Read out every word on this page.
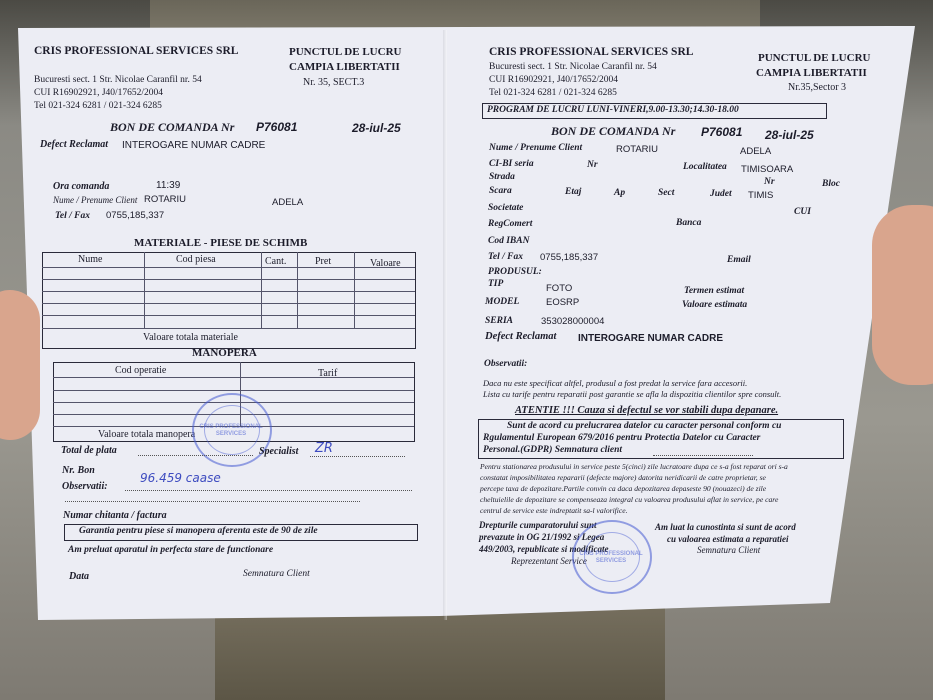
CRIS PROFESSIONAL SERVICES SRL	PUNCTUL DE LUCRU
CAMPIA LIBERTATII
Nr. 35, SECT.3
Bucuresti sect. 1 Str. Nicolae Caranfil nr. 54
CUI R16902921, J40/17652/2004
Tel 021-324 6281 / 021-324 6285
BON DE COMANDA Nr P76081	28-iul-25
Defect Reclamat INTEROGARE NUMAR CADRE
Ora comanda	11:39
Nume / Prenume Client ROTARIU	ADELA
Tel / Fax 0755,185,337
MATERIALE - PIESE DE SCHIMB
Nume	Cod piesa	Cant.	Pret	Valoare
Valoare totala materiale
MANOPERA
Cod operatie	Tarif
Valoare totala manopera
CRIS PROFESSIONAL SERVICES
Total de plata	Specialist ZR
Nr. Bon
96.459 caase
Observatii:
Numar chitanta / factura
Garantia pentru piese si manopera aferenta este de 90 de zile
Am preluat aparatul in perfecta stare de functionare
Data	Semnatura Client
CRIS PROFESSIONAL SERVICES SRL	PUNCTUL DE LUCRU
CAMPIA LIBERTATII
Nr.35,Sector 3
Bucuresti sect. 1 Str. Nicolae Caranfil nr. 54
CUI R16902921, J40/17652/2004
Tel 021-324 6281 / 021-324 6285
PROGRAM DE LUCRU LUNI-VINERI,9.00-13.30;14.30-18.00
BON DE COMANDA Nr P76081 28-iul-25
Nume / Prenume Client	ROTARIU	ADELA
CI-BI seria	Nr	Localitatea TIMISOARA
Strada	Nr	Bloc
Scara	Etaj	Ap	Sect	Judet TIMIS
Societate	CUI
RegComert	Banca
Cod IBAN
Tel / Fax 0755,185,337	Email
PRODUSUL:
TIP	FOTO	Termen estimat
MODEL	EOSRP	Valoare estimata
SERIA	353028000004
Defect Reclamat INTEROGARE NUMAR CADRE
Observatii:
Daca nu este specificat altfel, produsul a fost predat la service fara accesorii.
Lista cu tarife pentru reparatii post garantie se afla la dispozitia clientilor spre consult.
ATENTIE !!! Cauza si defectul se vor stabili dupa depanare.
Sunt de acord cu prelucrarea datelor cu caracter personal conform cu
Rgulamentul European 679/2016 pentru Protectia Datelor cu Caracter
Personal.(GDPR) Semnatura client
Pentru stationarea produsului in service peste 5(cinci) zile lucratoare dupa ce s-a fost reparat ori s-a
constatat imposibilitatea repararii (defecte majore) datorita neridicarii de catre proprietar, se
percepe taxa de depozitare.Partile convin ca daca depozitarea depaseste 90 (nouazeci) de zile
cheltuielile de depozitare se compenseaza integral cu valoarea produsului aflat in service, pe care
centrul de service este indreptatit sa-l valorifice.
Drepturile cumparatorului sunt
prevazute in OG 21/1992 si Legea
449/2003, republicate si modificate
Am luat la cunostinta si sunt de acord
cu valoarea estimata a reparatiei
Semnatura Client
Reprezentant Service
CRIS PROFESSIONAL SERVICES
